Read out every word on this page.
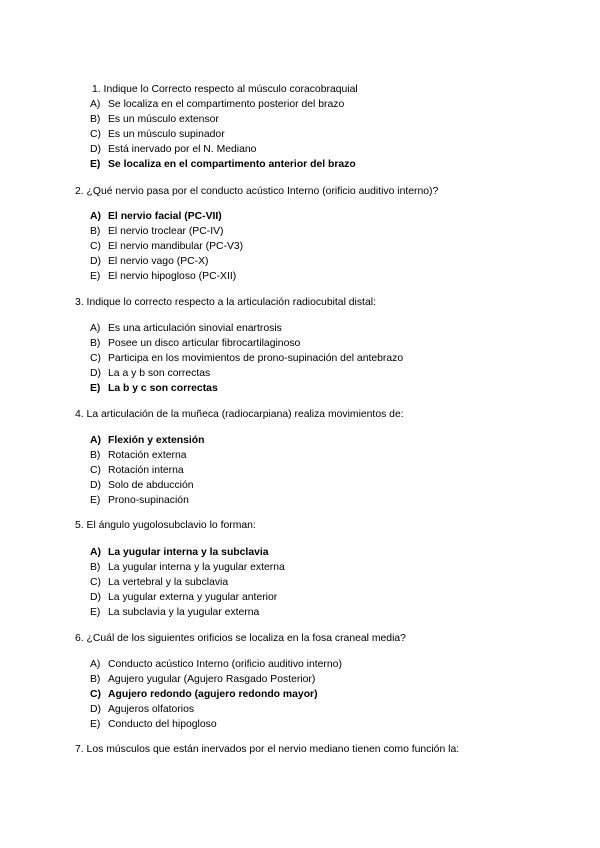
1. Indique lo Correcto respecto al músculo coracobraquial
A) Se localiza en el compartimento posterior del brazo
B) Es un músculo extensor
C) Es un músculo supinador
D) Está inervado por el N. Mediano
E) Se localiza en el compartimento anterior del brazo
2. ¿Qué nervio pasa por el conducto acústico Interno (orificio auditivo interno)?
A) El nervio facial (PC-VII)
B) El nervio troclear (PC-IV)
C) El nervio mandibular (PC-V3)
D) El nervio vago (PC-X)
E) El nervio hipogloso (PC-XII)
3. Indique lo correcto respecto a la articulación radiocubital distal:
A) Es una articulación sinovial enartrosis
B) Posee un disco articular fibrocartilaginoso
C) Participa en los movimientos de prono-supinación del antebrazo
D) La a y b son correctas
E) La b y c son correctas
4. La articulación de la muñeca (radiocarpiana) realiza movimientos de:
A) Flexión y extensión
B) Rotación externa
C) Rotación interna
D) Solo de abducción
E) Prono-supinación
5. El ángulo yugolosubclavio lo forman:
A) La yugular interna y la subclavia
B) La yugular interna y la yugular externa
C) La vertebral y la subclavia
D) La yugular externa y yugular anterior
E) La subclavia y la yugular externa
6. ¿Cuál de los siguientes orificios se localiza en la fosa craneal media?
A) Conducto acústico Interno (orificio auditivo interno)
B) Agujero yugular (Agujero Rasgado Posterior)
C) Agujero redondo (agujero redondo mayor)
D) Agujeros olfatorios
E) Conducto del hipogloso
7. Los músculos que están inervados por el nervio mediano tienen como función la:
